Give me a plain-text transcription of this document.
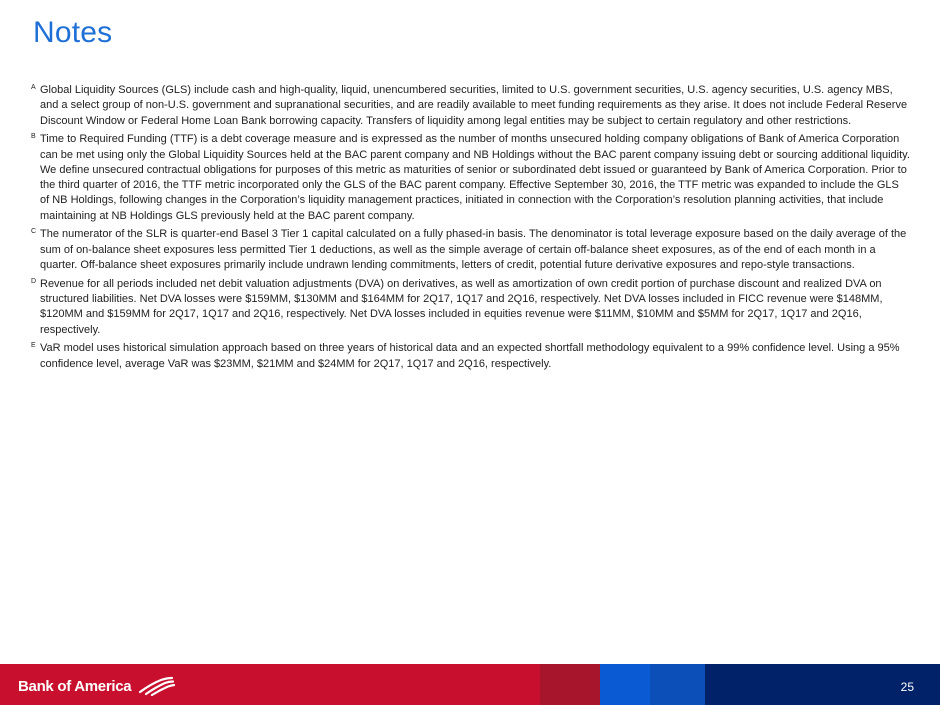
Notes
A Global Liquidity Sources (GLS) include cash and high-quality, liquid, unencumbered securities, limited to U.S. government securities, U.S. agency securities, U.S. agency MBS, and a select group of non-U.S. government and supranational securities, and are readily available to meet funding requirements as they arise. It does not include Federal Reserve Discount Window or Federal Home Loan Bank borrowing capacity. Transfers of liquidity among legal entities may be subject to certain regulatory and other restrictions.
B Time to Required Funding (TTF) is a debt coverage measure and is expressed as the number of months unsecured holding company obligations of Bank of America Corporation can be met using only the Global Liquidity Sources held at the BAC parent company and NB Holdings without the BAC parent company issuing debt or sourcing additional liquidity. We define unsecured contractual obligations for purposes of this metric as maturities of senior or subordinated debt issued or guaranteed by Bank of America Corporation. Prior to the third quarter of 2016, the TTF metric incorporated only the GLS of the BAC parent company. Effective September 30, 2016, the TTF metric was expanded to include the GLS of NB Holdings, following changes in the Corporation’s liquidity management practices, initiated in connection with the Corporation’s resolution planning activities, that include maintaining at NB Holdings GLS previously held at the BAC parent company.
C The numerator of the SLR is quarter-end Basel 3 Tier 1 capital calculated on a fully phased-in basis. The denominator is total leverage exposure based on the daily average of the sum of on-balance sheet exposures less permitted Tier 1 deductions, as well as the simple average of certain off-balance sheet exposures, as of the end of each month in a quarter. Off-balance sheet exposures primarily include undrawn lending commitments, letters of credit, potential future derivative exposures and repo-style transactions.
D Revenue for all periods included net debit valuation adjustments (DVA) on derivatives, as well as amortization of own credit portion of purchase discount and realized DVA on structured liabilities. Net DVA losses were $159MM, $130MM and $164MM for 2Q17, 1Q17 and 2Q16, respectively. Net DVA losses included in FICC revenue were $148MM, $120MM and $159MM for 2Q17, 1Q17 and 2Q16, respectively. Net DVA losses included in equities revenue were $11MM, $10MM and $5MM for 2Q17, 1Q17 and 2Q16, respectively.
E VaR model uses historical simulation approach based on three years of historical data and an expected shortfall methodology equivalent to a 99% confidence level. Using a 95% confidence level, average VaR was $23MM, $21MM and $24MM for 2Q17, 1Q17 and 2Q16, respectively.
Bank of America	25
